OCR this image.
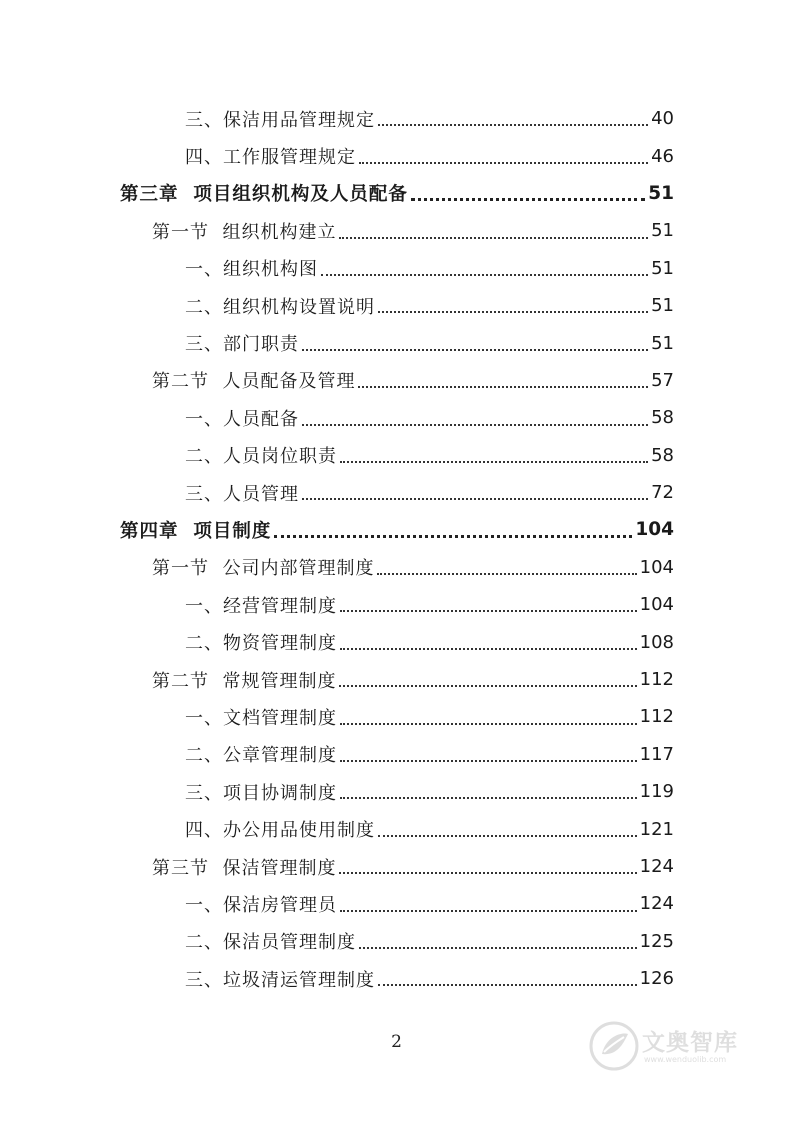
三、保洁用品管理规定	40
四、工作服管理规定	46
第三章  项目组织机构及人员配备	51
第一节  组织机构建立	51
一、组织机构图	51
二、组织机构设置说明	51
三、部门职责	51
第二节  人员配备及管理	57
一、人员配备	58
二、人员岗位职责	58
三、人员管理	72
第四章  项目制度	104
第一节  公司内部管理制度	104
一、经营管理制度	104
二、物资管理制度	108
第二节  常规管理制度	112
一、文档管理制度	112
二、公章管理制度	117
三、项目协调制度	119
四、办公用品使用制度	121
第三节  保洁管理制度	124
一、保洁房管理员	124
二、保洁员管理制度	125
三、垃圾清运管理制度	126
2	文奥智库
www.wenduolib.com
